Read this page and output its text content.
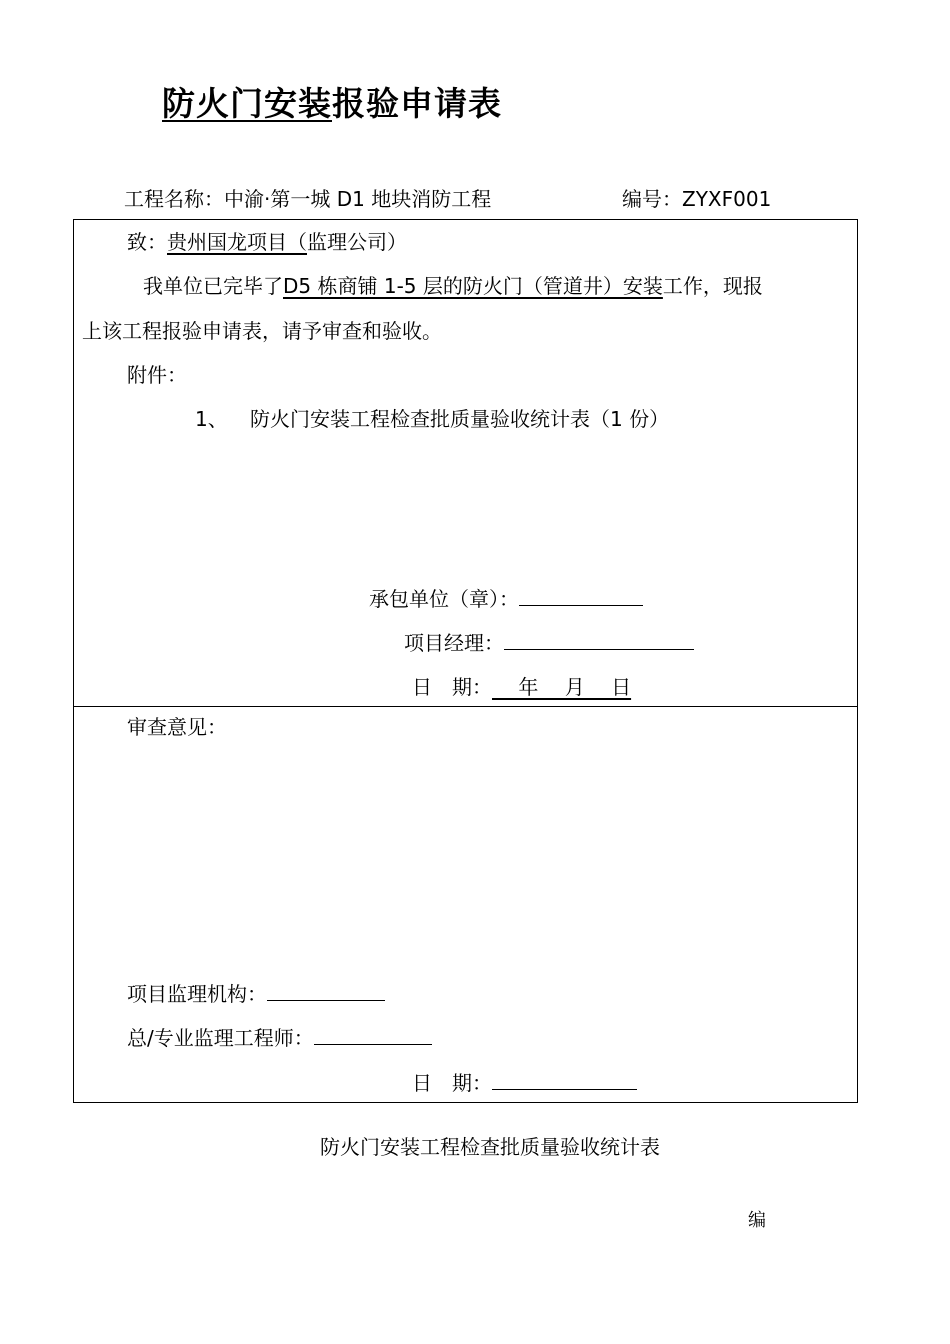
防火门安装报验申请表
工程名称：中渝·第一城 D1 地块消防工程	编号：ZYXF001
致：贵州国龙项目（监理公司）
我单位已完毕了D5 栋商铺 1-5 层的防火门（管道井）安装工作，现报
上该工程报验申请表，请予审查和验收。
附件：
1、 防火门安装工程检查批质量验收统计表（1 份）
承包单位（章）：
项目经理：
日　期：　 年　 月　 日
审查意见：
项目监理机构：
总/专业监理工程师：
日　期：
防火门安装工程检查批质量验收统计表
编
